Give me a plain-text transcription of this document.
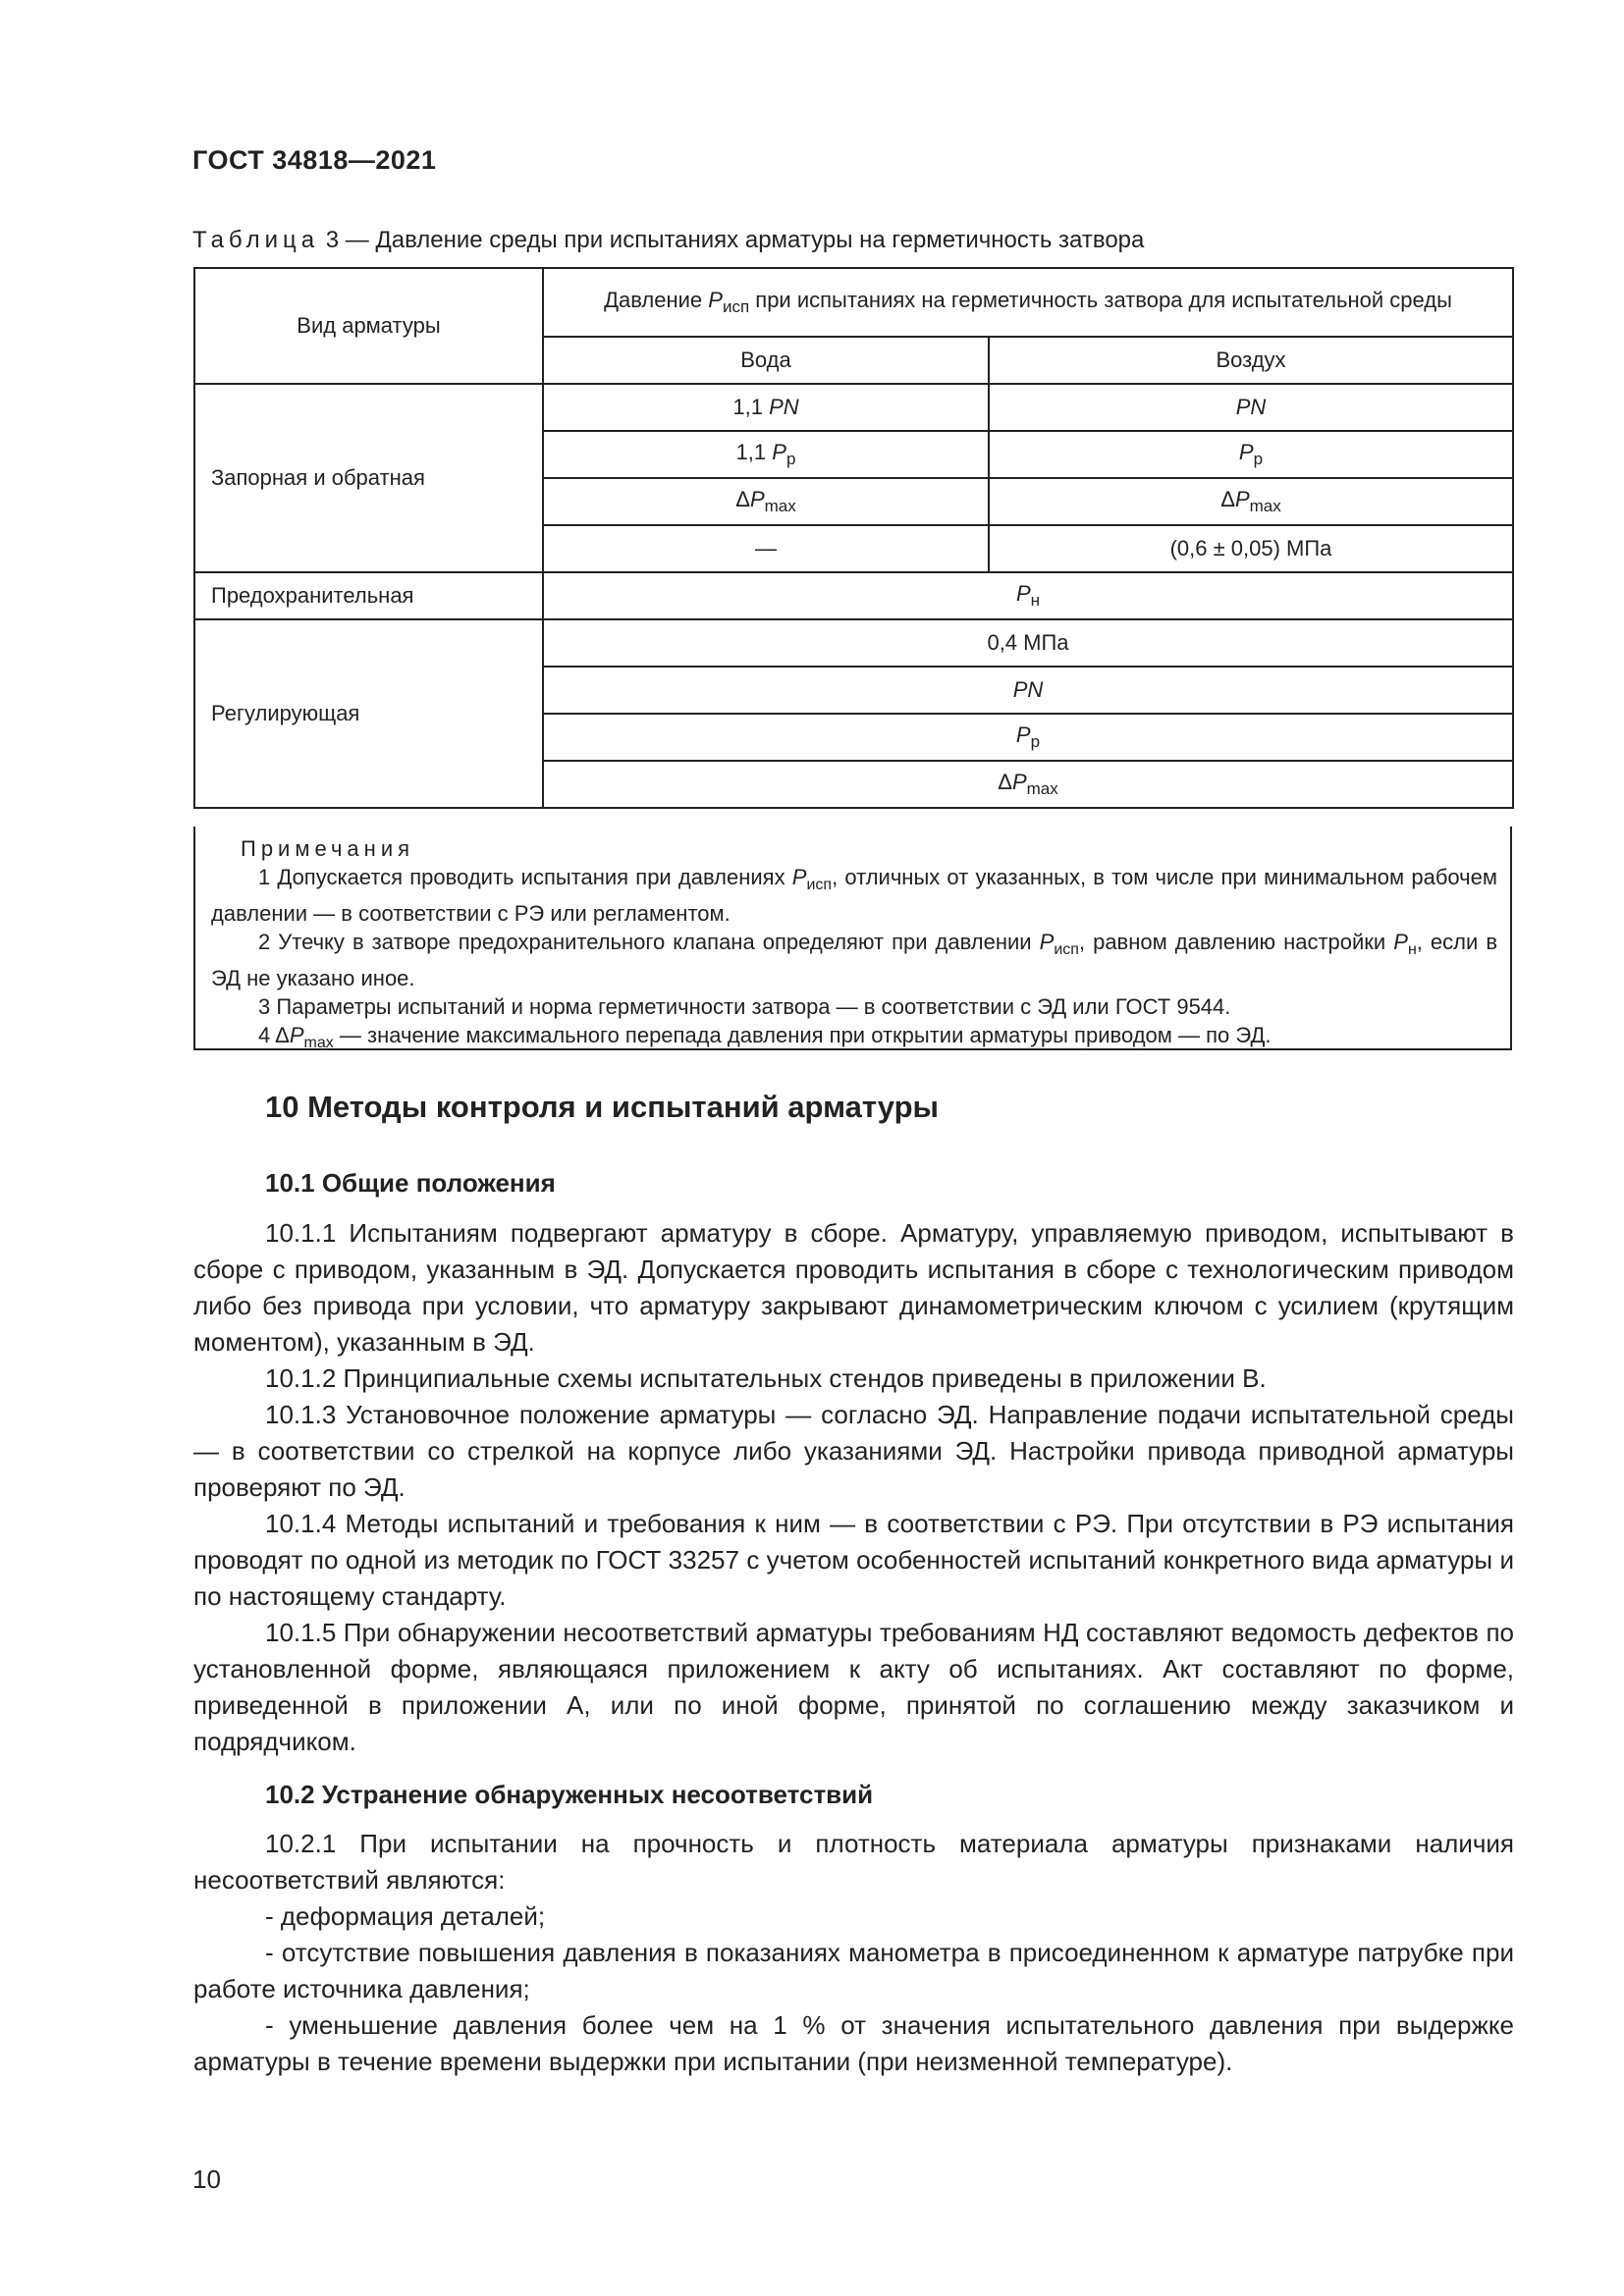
ГОСТ 34818—2021
Таблица 3 — Давление среды при испытаниях арматуры на герметичность затвора
Вид арматуры	Давление $P_{исп}$ при испытаниях на герметичность затвора для испытательной среды	
	Вода	Воздух
Запорная и обратная	1,1 PN	PN
	1,1 $P_р$	$P_р$
	$\Delta P_{max}$	$\Delta P_{max}$
	—	(0,6 ± 0,05) МПа
Предохранительная	$P_н$
Регулирующая	0,4 МПа	
	PN	
	$P_р$
	$\Delta P_{max}$
Примечания

1 Допускается проводить испытания при давлениях $P_{исп}$, отличных от указанных, в том числе при минимальном рабочем давлении — в соответствии с РЭ или регламентом.

2 Утечку в затворе предохранительного клапана определяют при давлении $P_{исп}$, равном давлению настройки $P_н$, если в ЭД не указано иное.

3 Параметры испытаний и норма герметичности затвора — в соответствии с ЭД или ГОСТ 9544.

4 $\Delta P_{max}$ — значение максимального перепада давления при открытии арматуры приводом — по ЭД.

10 Методы контроля и испытаний арматуры
10.1 Общие положения

10.1.1 Испытаниям подвергают арматуру в сборе. Арматуру, управляемую приводом, испытывают в сборе с приводом, указанным в ЭД. Допускается проводить испытания в сборе с технологическим приводом либо без привода при условии, что арматуру закрывают динамометрическим ключом с усилием (крутящим моментом), указанным в ЭД.

10.1.2 Принципиальные схемы испытательных стендов приведены в приложении В.

10.1.3 Установочное положение арматуры — согласно ЭД. Направление подачи испытательной среды — в соответствии со стрелкой на корпусе либо указаниями ЭД. Настройки привода приводной арматуры проверяют по ЭД.

10.1.4 Методы испытаний и требования к ним — в соответствии с РЭ. При отсутствии в РЭ испытания проводят по одной из методик по ГОСТ 33257 с учетом особенностей испытаний конкретного вида арматуры и по настоящему стандарту.

10.1.5 При обнаружении несоответствий арматуры требованиям НД составляют ведомость дефектов по установленной форме, являющаяся приложением к акту об испытаниях. Акт составляют по форме, приведенной в приложении А, или по иной форме, принятой по соглашению между заказчиком и подрядчиком.

10.2 Устранение обнаруженных несоответствий

10.2.1 При испытании на прочность и плотность материала арматуры признаками наличия несоответствий являются:

- деформация деталей;

- отсутствие повышения давления в показаниях манометра в присоединенном к арматуре патрубке при работе источника давления;

- уменьшение давления более чем на 1 % от значения испытательного давления при выдержке арматуры в течение времени выдержки при испытании (при неизменной температуре).

10
